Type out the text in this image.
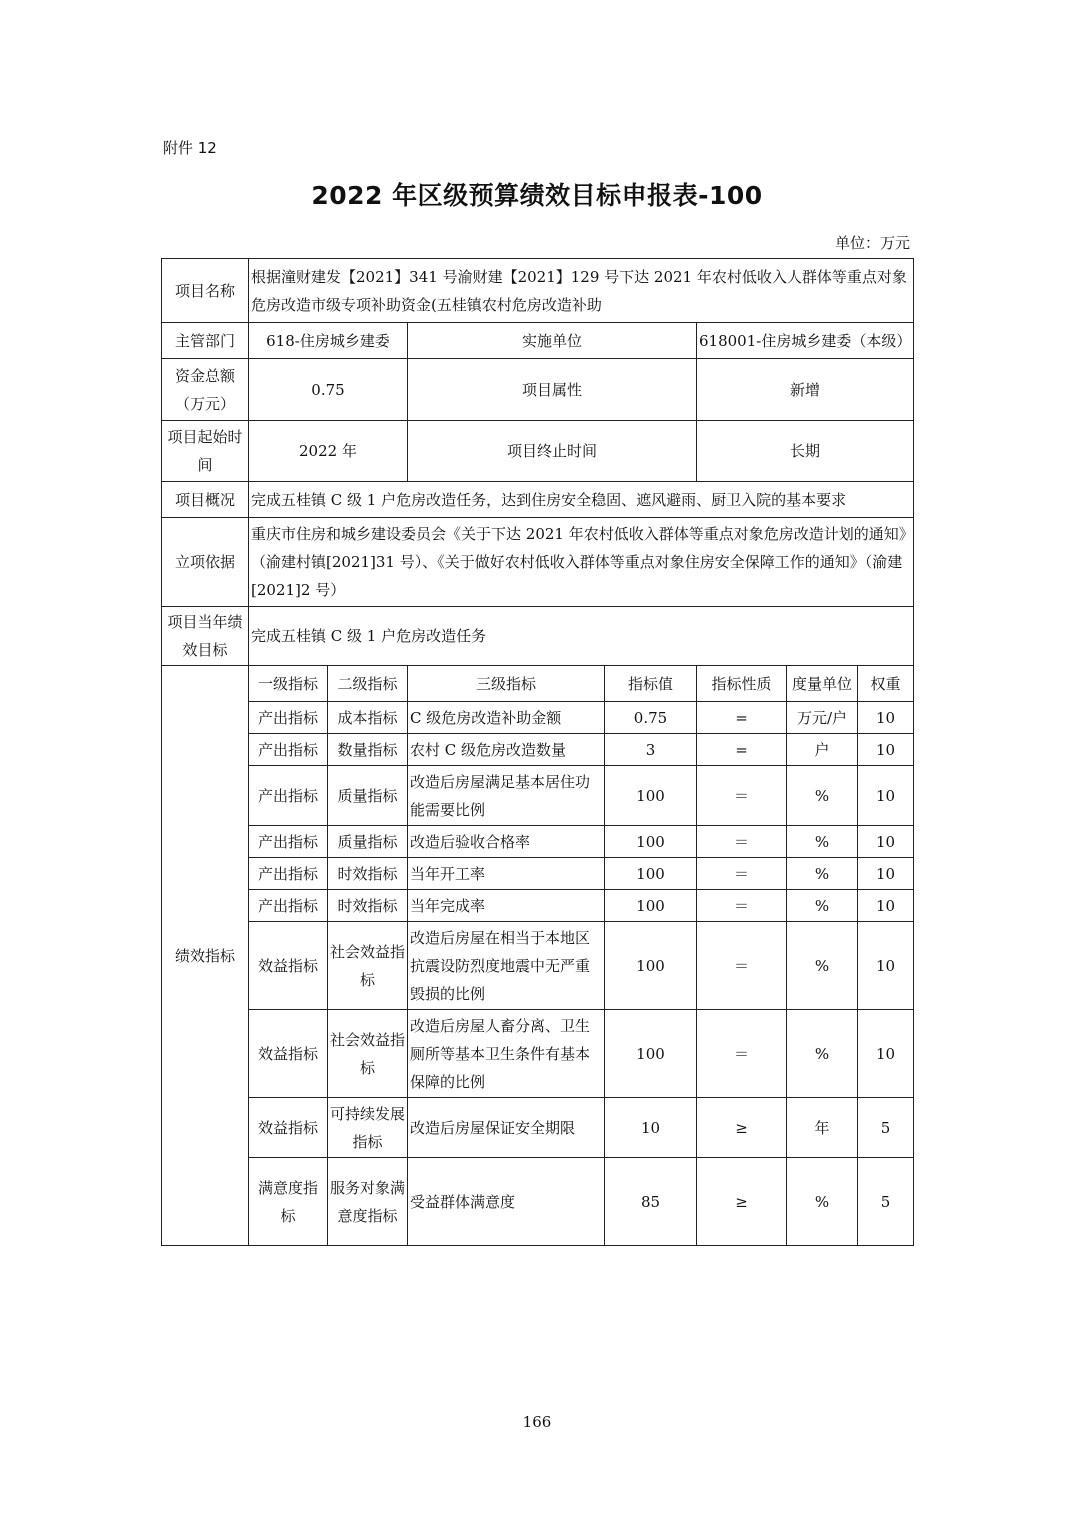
附件 12
2022 年区级预算绩效目标申报表-100
单位：万元
项目名称	根据潼财建发【2021】341 号渝财建【2021】129 号下达 2021 年农村低收入人群体等重点对象危房改造市级专项补助资金(五桂镇农村危房改造补助						
主管部门	618-住房城乡建委		实施单位		618001-住房城乡建委（本级）		
资金总额（万元）	0.75		项目属性		新增		
项目起始时间	2022 年		项目终止时间		长期		
项目概况	完成五桂镇 C 级 1 户危房改造任务，达到住房安全稳固、遮风避雨、厨卫入院的基本要求						
立项依据	重庆市住房和城乡建设委员会《关于下达 2021 年农村低收入群体等重点对象危房改造计划的通知》（渝建村镇[2021]31 号）、《关于做好农村低收入群体等重点对象住房安全保障工作的通知》（渝建[2021]2 号）						
项目当年绩效目标	完成五桂镇 C 级 1 户危房改造任务						
绩效指标	一级指标	二级指标	三级指标	指标值	指标性质	度量单位	权重
	产出指标	成本指标	C 级危房改造补助金额	0.75	=	万元/户	10
	产出指标	数量指标	农村 C 级危房改造数量	3	=	户	10
	产出指标	质量指标	改造后房屋满足基本居住功能需要比例	100	＝	%	10
	产出指标	质量指标	改造后验收合格率	100	＝	%	10
	产出指标	时效指标	当年开工率	100	＝	%	10
	产出指标	时效指标	当年完成率	100	＝	%	10
	效益指标	社会效益指标	改造后房屋在相当于本地区抗震设防烈度地震中无严重毁损的比例	100	＝	%	10
	效益指标	社会效益指标	改造后房屋人畜分离、卫生厕所等基本卫生条件有基本保障的比例	100	＝	%	10
	效益指标	可持续发展指标	改造后房屋保证安全期限	10	≥	年	5
	满意度指标	服务对象满意度指标	受益群体满意度	85	≥	%	5
166
